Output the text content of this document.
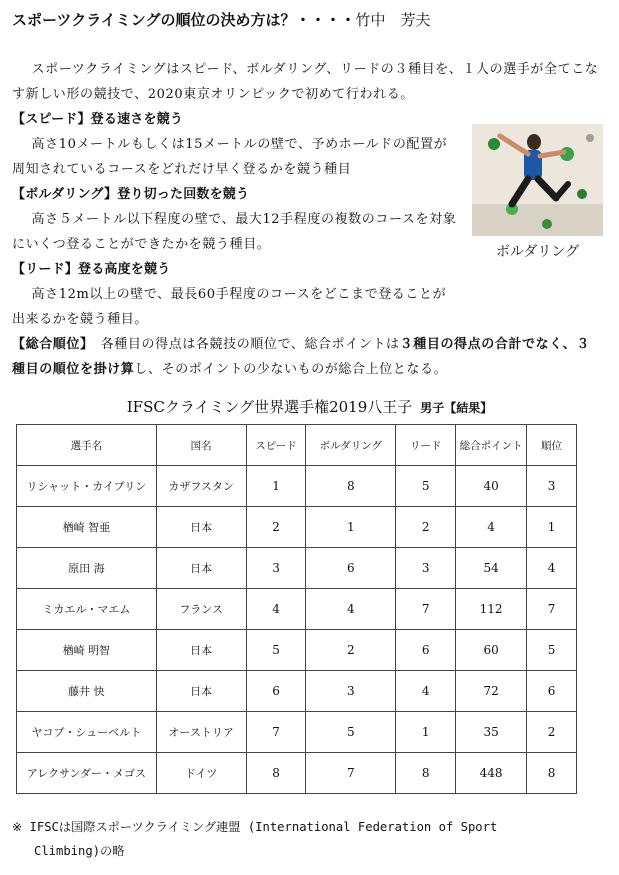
スポーツクライミングの順位の決め方は？・・・・竹中　芳夫

スポーツクライミングはスピード、ボルダリング、リードの３種目を、１人の選手が全てこなす新しい形の競技で、2020東京オリンピックで初めて行われる。

【スピード】登る速さを競う

高さ10メートルもしくは15メートルの壁で、予めホールドの配置が周知されているコースをどれだけ早く登るかを競う種目

【ボルダリング】登り切った回数を競う

高さ５メートル以下程度の壁で、最大12手程度の複数のコースを対象にいくつ登ることができたかを競う種目。

【リード】登る高度を競う

高さ12m以上の壁で、最長60手程度のコースをどこまで登ることが出来るかを競う種目。

【総合順位】　各種目の得点は各競技の順位で、総合ポイントは３種目の得点の合計でなく、３種目の順位を掛け算し、そのポイントの少ないものが総合上位となる。

ボルダリング
IFSCクライミング世界選手権2019八王子 男子【結果】
選手名	国名	スピード	ボルダリング	リード	総合ポイント	順位
リシャット・カイブリン	カザフスタン	1	8	5	40	3
楢崎 智亜	日本	2	1	2	4	1
原田 海	日本	3	6	3	54	4
ミカエル・マエム	フランス	4	4	7	112	7
楢崎 明智	日本	5	2	6	60	5
藤井 快	日本	6	3	4	72	6
ヤコブ・シューベルト	オーストリア	7	5	1	35	2
アレクサンダー・メゴス	ドイツ	8	7	8	448	8
※ IFSCは国際スポーツクライミング連盟 (International Federation of Sport
Climbing)の略
